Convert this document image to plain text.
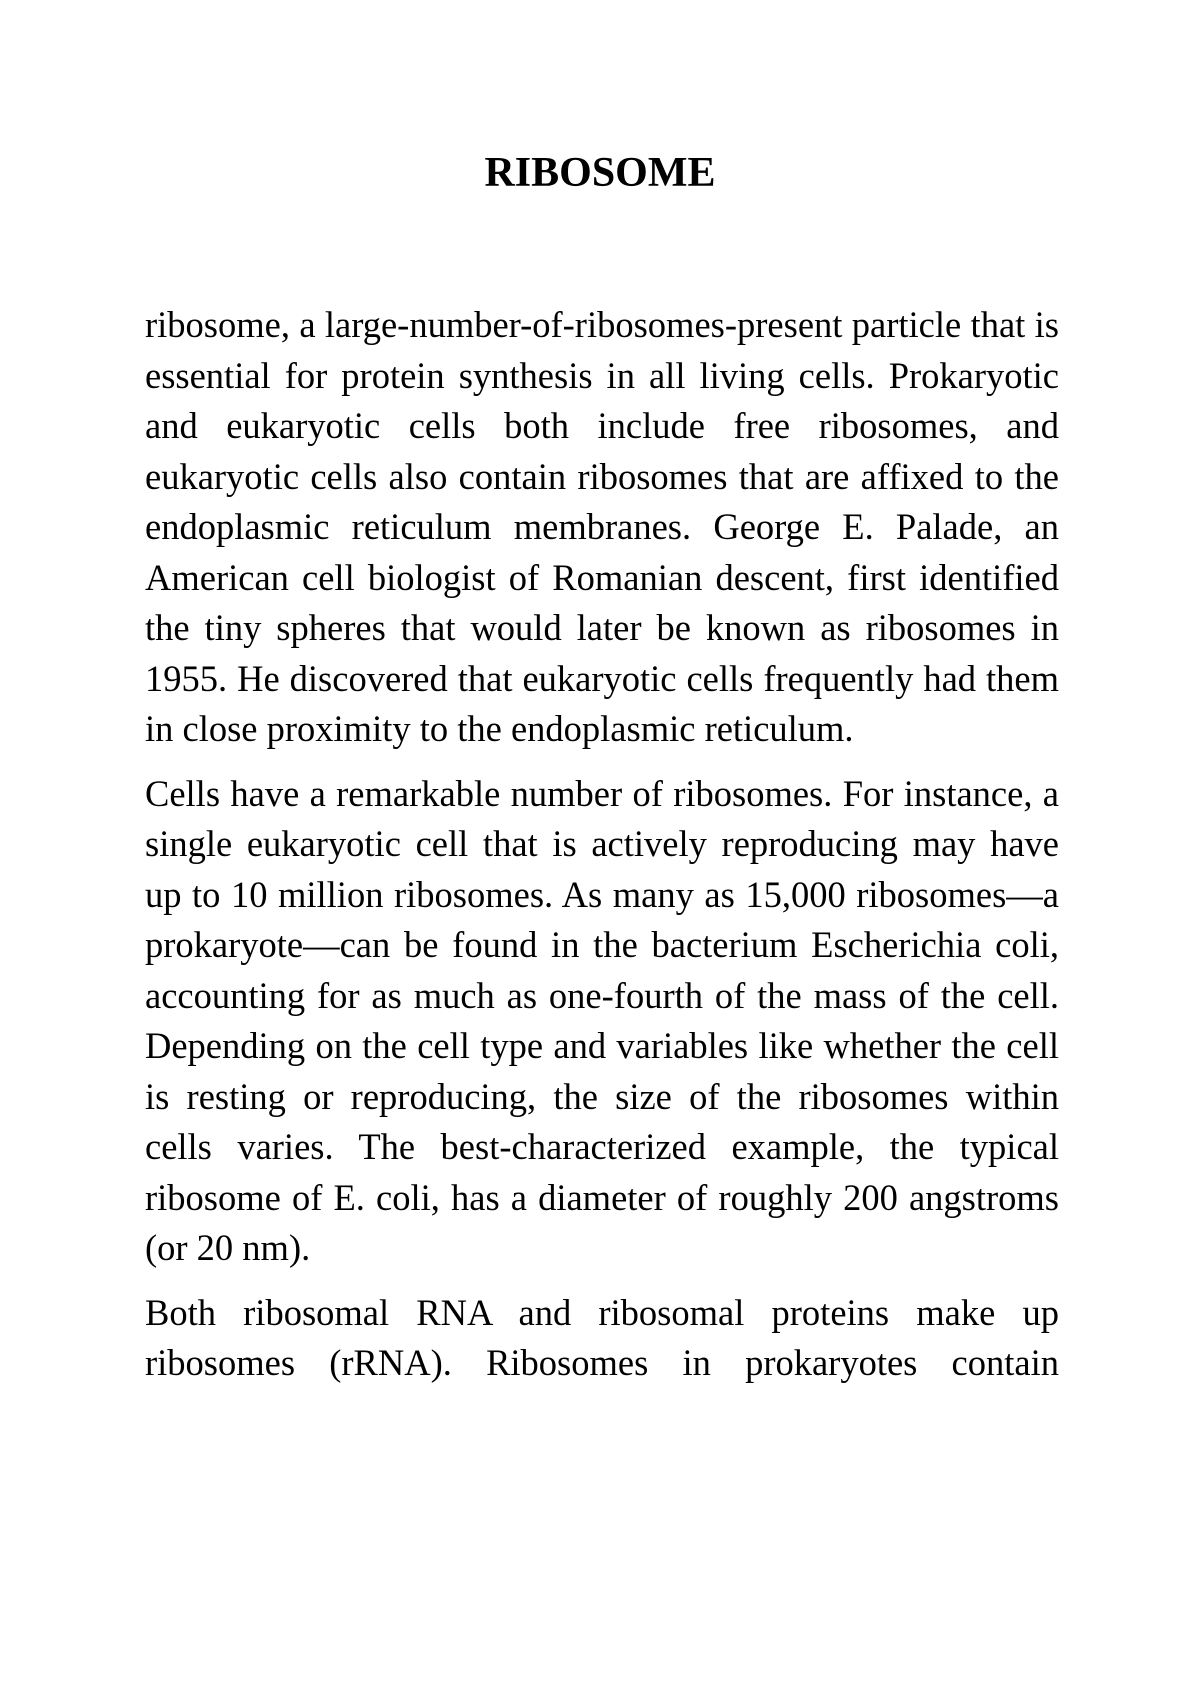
RIBOSOME

ribosome, a large-number-of-ribosomes-present particle that is essential for protein synthesis in all living cells. Prokaryotic and eukaryotic cells both include free ribosomes, and eukaryotic cells also contain ribosomes that are affixed to the endoplasmic reticulum membranes. George E. Palade, an American cell biologist of Romanian descent, first identified the tiny spheres that would later be known as ribosomes in 1955. He discovered that eukaryotic cells frequently had them in close proximity to the endoplasmic reticulum.

Cells have a remarkable number of ribosomes. For instance, a single eukaryotic cell that is actively reproducing may have up to 10 million ribosomes. As many as 15,000 ribosomes—a prokaryote—can be found in the bacterium Escherichia coli, accounting for as much as one-fourth of the mass of the cell. Depending on the cell type and variables like whether the cell is resting or reproducing, the size of the ribosomes within cells varies. The best-characterized example, the typical ribosome of E. coli, has a diameter of roughly 200 angstroms (or 20 nm).

Both ribosomal RNA and ribosomal proteins make up ribosomes (rRNA). Ribosomes in prokaryotes contain
